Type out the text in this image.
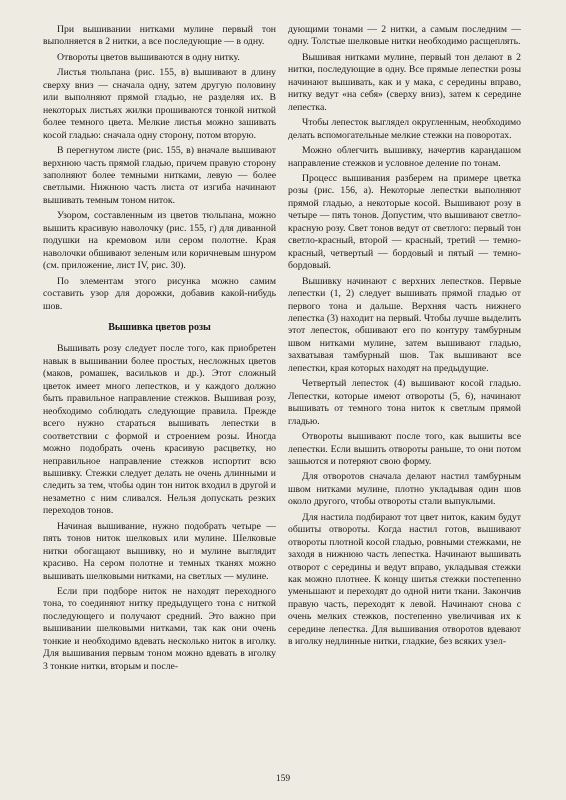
При вышивании нитками мулине первый тон выполняется в 2 нитки, а все последующие — в одну.

Отвороты цветов вышиваются в одну нитку.

Листья тюльпана (рис. 155, в) вышивают в длину сверху вниз — сначала одну, затем другую половину или выполняют прямой гладью, не разделяя их. В некоторых листьях жилки прошиваются тонкой ниткой более темного цвета. Мелкие листья можно зашивать косой гладью: сначала одну сторону, потом вторую.

В перегнутом листе (рис. 155, в) вначале вышивают верхнюю часть прямой гладью, причем правую сторону заполняют более темными нитками, левую — более светлыми. Нижнюю часть листа от изгиба начинают вышивать темным тоном ниток.

Узором, составленным из цветов тюльпана, можно вышить красивую наволочку (рис. 155, г) для диванной подушки на кремовом или сером полотне. Края наволочки обшивают зеленым или коричневым шнуром (см. приложение, лист IV, рис. 30).

По элементам этого рисунка можно самим составить узор для дорожки, добавив какой-нибудь шов.

Вышивка цветов розы

Вышивать розу следует после того, как приобретен навык в вышивании более простых, несложных цветов (маков, ромашек, васильков и др.). Этот сложный цветок имеет много лепестков, и у каждого должно быть правильное направление стежков. Вышивая розу, необходимо соблюдать следующие правила. Прежде всего нужно стараться вышивать лепестки в соответствии с формой и строением розы. Иногда можно подобрать очень красивую расцветку, но неправильное направление стежков испортит всю вышивку. Стежки следует делать не очень длинными и следить за тем, чтобы один тон ниток входил в другой и незаметно с ним сливался. Нельзя допускать резких переходов тонов.

Начиная вышивание, нужно подобрать четыре — пять тонов ниток шелковых или мулине. Шелковые нитки обогащают вышивку, но и мулине выглядит красиво. На сером полотне и темных тканях можно вышивать шелковыми нитками, на светлых — мулине.

Если при подборе ниток не находят переходного тона, то соединяют нитку предыдущего тона с ниткой последующего и получают средний. Это важно при вышивании шелковыми нитками, так как они очень тонкие и необходимо вдевать несколько ниток в иголку. Для вышивания первым тоном можно вдевать в иголку 3 тонкие нитки, вторым и после-

дующими тонами — 2 нитки, а самым последним — одну. Толстые шелковые нитки необходимо расщеплять.

Вышивая нитками мулине, первый тон делают в 2 нитки, последующие в одну. Все прямые лепестки розы начинают вышивать, как и у мака, с середины вправо, нитку ведут «на себя» (сверху вниз), затем к середине лепестка.

Чтобы лепесток выглядел округленным, необходимо делать вспомогательные мелкие стежки на поворотах.

Можно облегчить вышивку, начертив карандашом направление стежков и условное деление по тонам.

Процесс вышивания разберем на примере цветка розы (рис. 156, а). Некоторые лепестки выполняют прямой гладью, а некоторые косой. Вышивают розу в четыре — пять тонов. Допустим, что вышивают светло-красную розу. Свет тонов ведут от светлого: первый тон светло-красный, второй — красный, третий — темно-красный, четвертый — бордовый и пятый — темно-бордовый.

Вышивку начинают с верхних лепестков. Первые лепестки (1, 2) следует вышивать прямой гладью от первого тона и дальше. Верхняя часть нижнего лепестка (3) находит на первый. Чтобы лучше выделить этот лепесток, обшивают его по контуру тамбурным швом нитками мулине, затем вышивают гладью, захватывая тамбурный шов. Так вышивают все лепестки, края которых находят на предыдущие.

Четвертый лепесток (4) вышивают косой гладью. Лепестки, которые имеют отвороты (5, 6), начинают вышивать от темного тона ниток к светлым прямой гладью.

Отвороты вышивают после того, как вышиты все лепестки. Если вышить отвороты раньше, то они потом зашьются и потеряют свою форму.

Для отворотов сначала делают настил тамбурным швом нитками мулине, плотно укладывая один шов около другого, чтобы отвороты стали выпуклыми.

Для настила подбирают тот цвет ниток, каким будут обшиты отвороты. Когда настил готов, вышивают отвороты плотной косой гладью, ровными стежками, не заходя в нижнюю часть лепестка. Начинают вышивать отворот с середины и ведут вправо, укладывая стежки как можно плотнее. К концу шитья стежки постепенно уменьшают и переходят до одной нити ткани. Закончив правую часть, переходят к левой. Начинают снова с очень мелких стежков, постепенно увеличивая их к середине лепестка. Для вышивания отворотов вдевают в иголку недлинные нитки, гладкие, без всяких узел-

159
